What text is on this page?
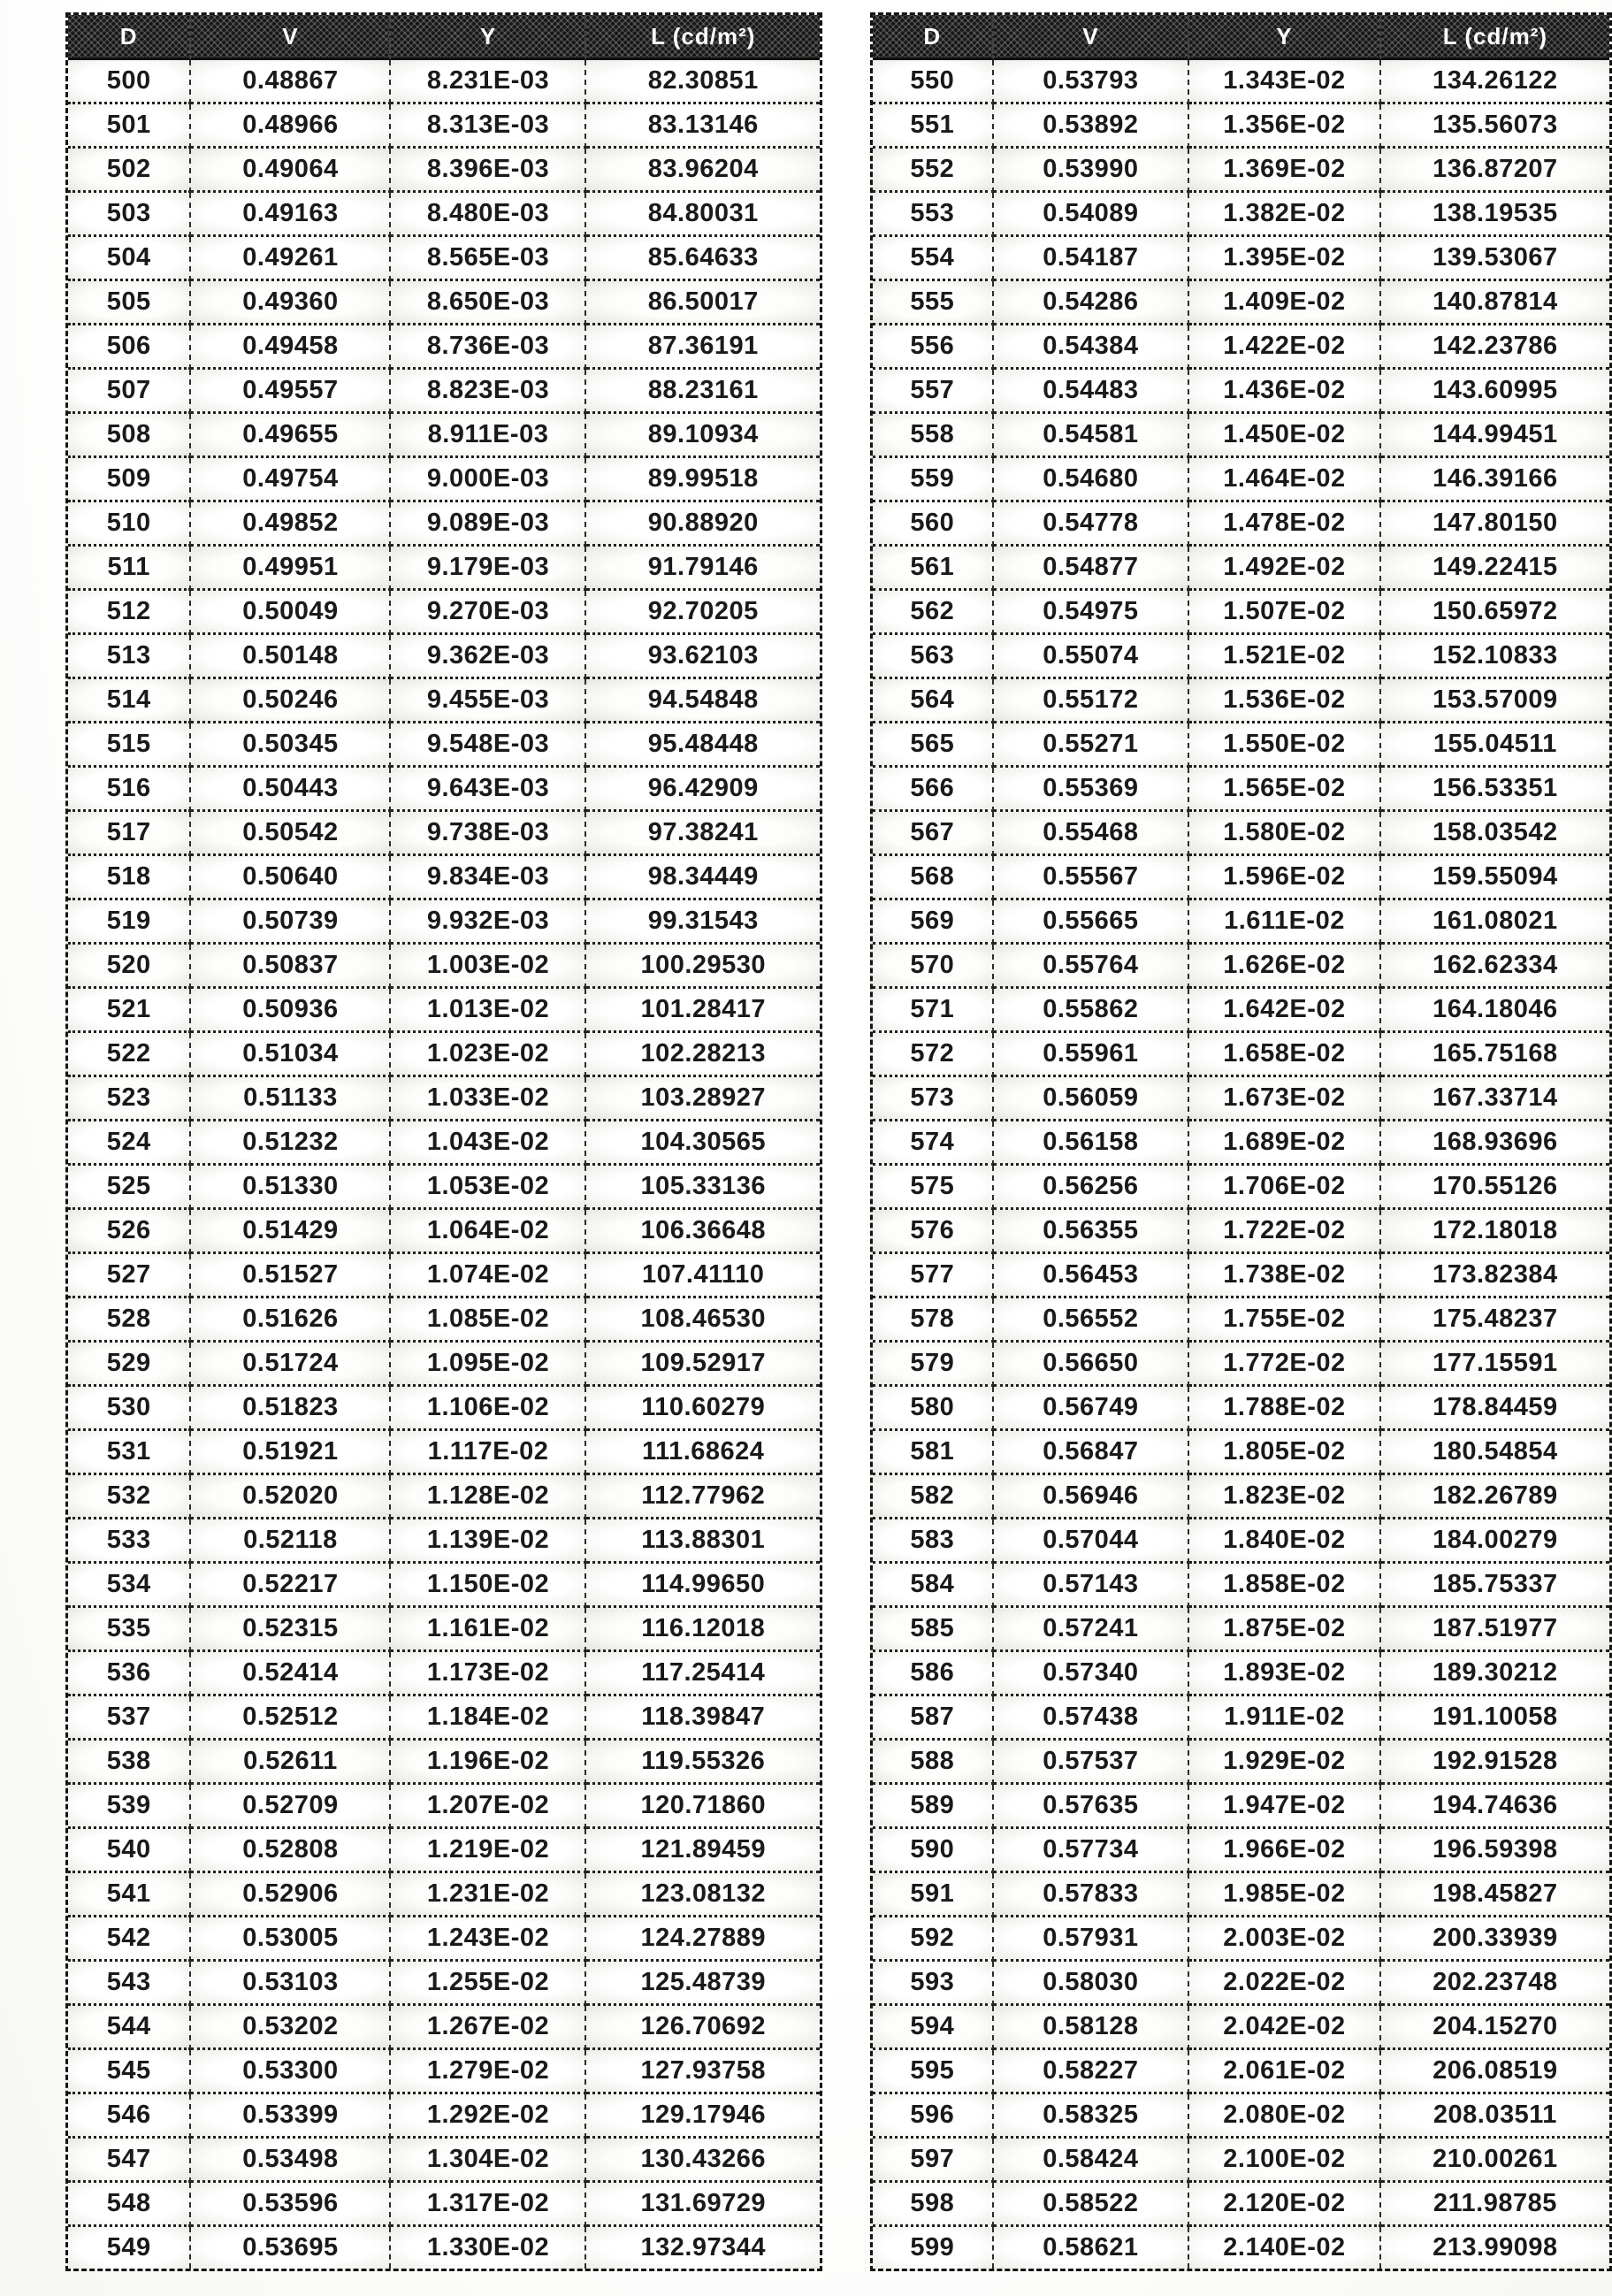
D	V	Y	L (cd/m²)
500	0.48867	8.231E-03	82.30851
501	0.48966	8.313E-03	83.13146
502	0.49064	8.396E-03	83.96204
503	0.49163	8.480E-03	84.80031
504	0.49261	8.565E-03	85.64633
505	0.49360	8.650E-03	86.50017
506	0.49458	8.736E-03	87.36191
507	0.49557	8.823E-03	88.23161
508	0.49655	8.911E-03	89.10934
509	0.49754	9.000E-03	89.99518
510	0.49852	9.089E-03	90.88920
511	0.49951	9.179E-03	91.79146
512	0.50049	9.270E-03	92.70205
513	0.50148	9.362E-03	93.62103
514	0.50246	9.455E-03	94.54848
515	0.50345	9.548E-03	95.48448
516	0.50443	9.643E-03	96.42909
517	0.50542	9.738E-03	97.38241
518	0.50640	9.834E-03	98.34449
519	0.50739	9.932E-03	99.31543
520	0.50837	1.003E-02	100.29530
521	0.50936	1.013E-02	101.28417
522	0.51034	1.023E-02	102.28213
523	0.51133	1.033E-02	103.28927
524	0.51232	1.043E-02	104.30565
525	0.51330	1.053E-02	105.33136
526	0.51429	1.064E-02	106.36648
527	0.51527	1.074E-02	107.41110
528	0.51626	1.085E-02	108.46530
529	0.51724	1.095E-02	109.52917
530	0.51823	1.106E-02	110.60279
531	0.51921	1.117E-02	111.68624
532	0.52020	1.128E-02	112.77962
533	0.52118	1.139E-02	113.88301
534	0.52217	1.150E-02	114.99650
535	0.52315	1.161E-02	116.12018
536	0.52414	1.173E-02	117.25414
537	0.52512	1.184E-02	118.39847
538	0.52611	1.196E-02	119.55326
539	0.52709	1.207E-02	120.71860
540	0.52808	1.219E-02	121.89459
541	0.52906	1.231E-02	123.08132
542	0.53005	1.243E-02	124.27889
543	0.53103	1.255E-02	125.48739
544	0.53202	1.267E-02	126.70692
545	0.53300	1.279E-02	127.93758
546	0.53399	1.292E-02	129.17946
547	0.53498	1.304E-02	130.43266
548	0.53596	1.317E-02	131.69729
549	0.53695	1.330E-02	132.97344
D	V	Y	L (cd/m²)
550	0.53793	1.343E-02	134.26122
551	0.53892	1.356E-02	135.56073
552	0.53990	1.369E-02	136.87207
553	0.54089	1.382E-02	138.19535
554	0.54187	1.395E-02	139.53067
555	0.54286	1.409E-02	140.87814
556	0.54384	1.422E-02	142.23786
557	0.54483	1.436E-02	143.60995
558	0.54581	1.450E-02	144.99451
559	0.54680	1.464E-02	146.39166
560	0.54778	1.478E-02	147.80150
561	0.54877	1.492E-02	149.22415
562	0.54975	1.507E-02	150.65972
563	0.55074	1.521E-02	152.10833
564	0.55172	1.536E-02	153.57009
565	0.55271	1.550E-02	155.04511
566	0.55369	1.565E-02	156.53351
567	0.55468	1.580E-02	158.03542
568	0.55567	1.596E-02	159.55094
569	0.55665	1.611E-02	161.08021
570	0.55764	1.626E-02	162.62334
571	0.55862	1.642E-02	164.18046
572	0.55961	1.658E-02	165.75168
573	0.56059	1.673E-02	167.33714
574	0.56158	1.689E-02	168.93696
575	0.56256	1.706E-02	170.55126
576	0.56355	1.722E-02	172.18018
577	0.56453	1.738E-02	173.82384
578	0.56552	1.755E-02	175.48237
579	0.56650	1.772E-02	177.15591
580	0.56749	1.788E-02	178.84459
581	0.56847	1.805E-02	180.54854
582	0.56946	1.823E-02	182.26789
583	0.57044	1.840E-02	184.00279
584	0.57143	1.858E-02	185.75337
585	0.57241	1.875E-02	187.51977
586	0.57340	1.893E-02	189.30212
587	0.57438	1.911E-02	191.10058
588	0.57537	1.929E-02	192.91528
589	0.57635	1.947E-02	194.74636
590	0.57734	1.966E-02	196.59398
591	0.57833	1.985E-02	198.45827
592	0.57931	2.003E-02	200.33939
593	0.58030	2.022E-02	202.23748
594	0.58128	2.042E-02	204.15270
595	0.58227	2.061E-02	206.08519
596	0.58325	2.080E-02	208.03511
597	0.58424	2.100E-02	210.00261
598	0.58522	2.120E-02	211.98785
599	0.58621	2.140E-02	213.99098
